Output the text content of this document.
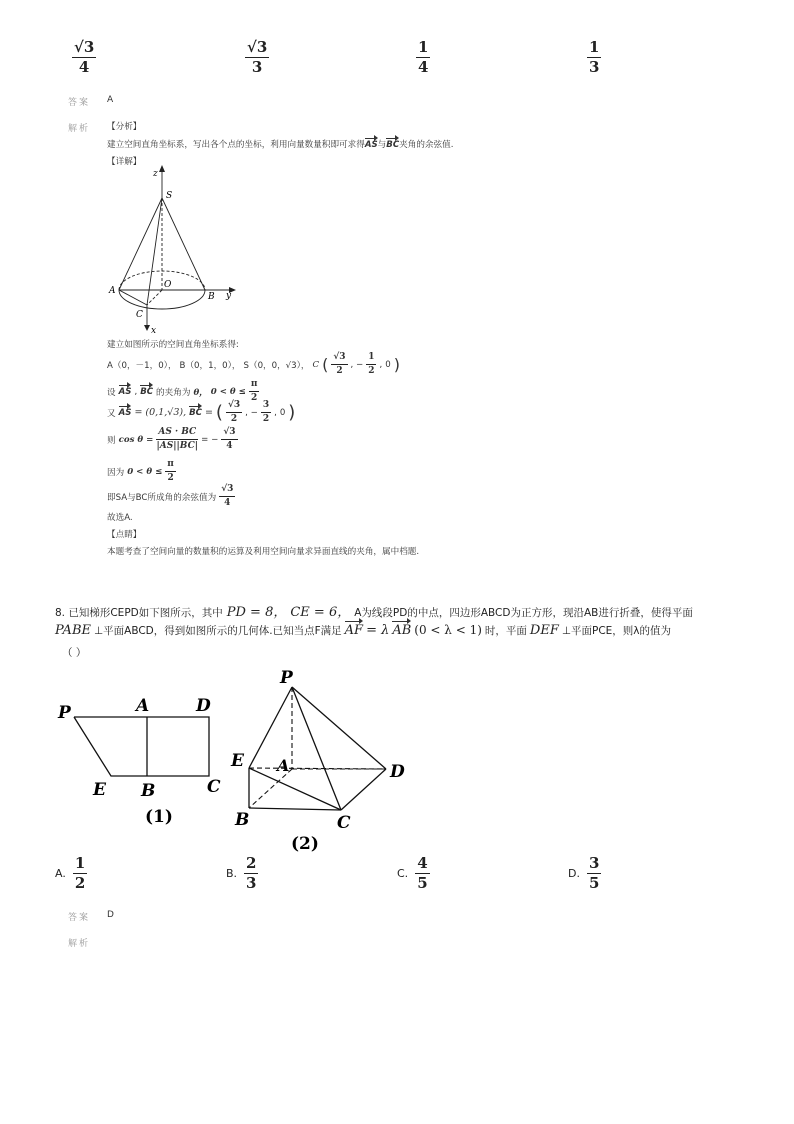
√3
4
√3
3
1
4
1
3
答案 A
解析 【分析】
建立空间直角坐标系，写出各个点的坐标，利用向量数量积即可求得AS与BC夹角的余弦值.
【详解】
z
S
A
O
B y
C
x
建立如图所示的空间直角坐标系得:
A（0，－1，0）， B（0，1，0）， S（0，0，√3）， C ( $\frac{√3}{2}$ , − $\frac{1}{2}$ , 0 )
设 AS , BC 的夹角为 θ， $0 < \theta \le \frac{\pi}{2}$
又 AS = (0,1,√3), BC = ( $\frac{√3}{2}$ , − $\frac{3}{2}$ , 0 )
则 $\cos \theta = \frac{AS \cdot BC}{|AS||BC|}$ = − $\frac{√3}{4}$
因为 $0 < \theta \le \frac{\pi}{2}$
即SA与BC所成角的余弦值为 $\frac{√3}{4}$
故选A.
【点睛】
本题考查了空间向量的数量积的运算及利用空间向量求异面直线的夹角，属中档题.
8. 已知梯形CEPD如下图所示，其中 PD = 8， CE = 6， A为线段PD的中点，四边形ABCD为正方形，现沿AB进行折叠，使得平面
PABE ⊥平面ABCD，得到如图所示的几何体.已知当点F满足 AF = λ AB (0 < λ < 1) 时，平面 DEF ⊥平面PCE，则λ的值为
（ ）
P	A	D
E B	C
(1)
P
E A	D
B	C
(2)
A. $\frac{1}{2}$	B. $\frac{2}{3}$	C. $\frac{4}{5}$	D. $\frac{3}{5}$
答案 D
解析
